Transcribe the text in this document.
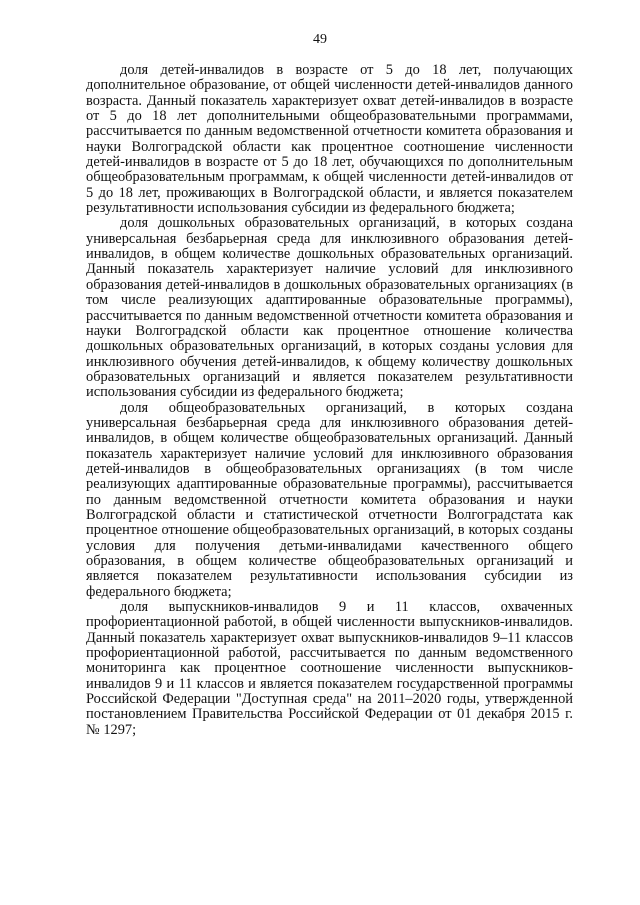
49

доля детей-инвалидов в возрасте от 5 до 18 лет, получающих дополнительное образование, от общей численности детей-инвалидов данного возраста. Данный показатель характеризует охват детей-инвалидов в возрасте от 5 до 18 лет дополнительными общеобразовательными программами, рассчитывается по данным ведомственной отчетности комитета образования и науки Волгоградской области как процентное соотношение численности детей-инвалидов в возрасте от 5 до 18 лет, обучающихся по дополнительным общеобразовательным программам, к общей численности детей-инвалидов от 5 до 18 лет, проживающих в Волгоградской области, и является показателем результативности использования субсидии из федерального бюджета;

доля дошкольных образовательных организаций, в которых создана универсальная безбарьерная среда для инклюзивного образования детей-инвалидов, в общем количестве дошкольных образовательных организаций. Данный показатель характеризует наличие условий для инклюзивного образования детей-инвалидов в дошкольных образовательных организациях (в том числе реализующих адаптированные образовательные программы), рассчитывается по данным ведомственной отчетности комитета образования и науки Волгоградской области как процентное отношение количества дошкольных образовательных организаций, в которых созданы условия для инклюзивного обучения детей-инвалидов, к общему количеству дошкольных образовательных организаций и является показателем результативности использования субсидии из федерального бюджета;

доля общеобразовательных организаций, в которых создана универсальная безбарьерная среда для инклюзивного образования детей-инвалидов, в общем количестве общеобразовательных организаций. Данный показатель характеризует наличие условий для инклюзивного образования детей-инвалидов в общеобразовательных организациях (в том числе реализующих адаптированные образовательные программы), рассчитывается по данным ведомственной отчетности комитета образования и науки Волгоградской области и статистической отчетности Волгоградстата как процентное отношение общеобразовательных организаций, в которых созданы условия для получения детьми-инвалидами качественного общего образования, в общем количестве общеобразовательных организаций и является показателем результативности использования субсидии из федерального бюджета;

доля выпускников-инвалидов 9 и 11 классов, охваченных профориентационной работой, в общей численности выпускников-инвалидов. Данный показатель характеризует охват выпускников-инвалидов 9–11 классов профориентационной работой, рассчитывается по данным ведомственного мониторинга как процентное соотношение численности выпускников-инвалидов 9 и 11 классов и является показателем государственной программы Российской Федерации "Доступная среда" на 2011–2020 годы, утвержденной постановлением Правительства Российской Федерации от 01 декабря 2015 г. № 1297;
